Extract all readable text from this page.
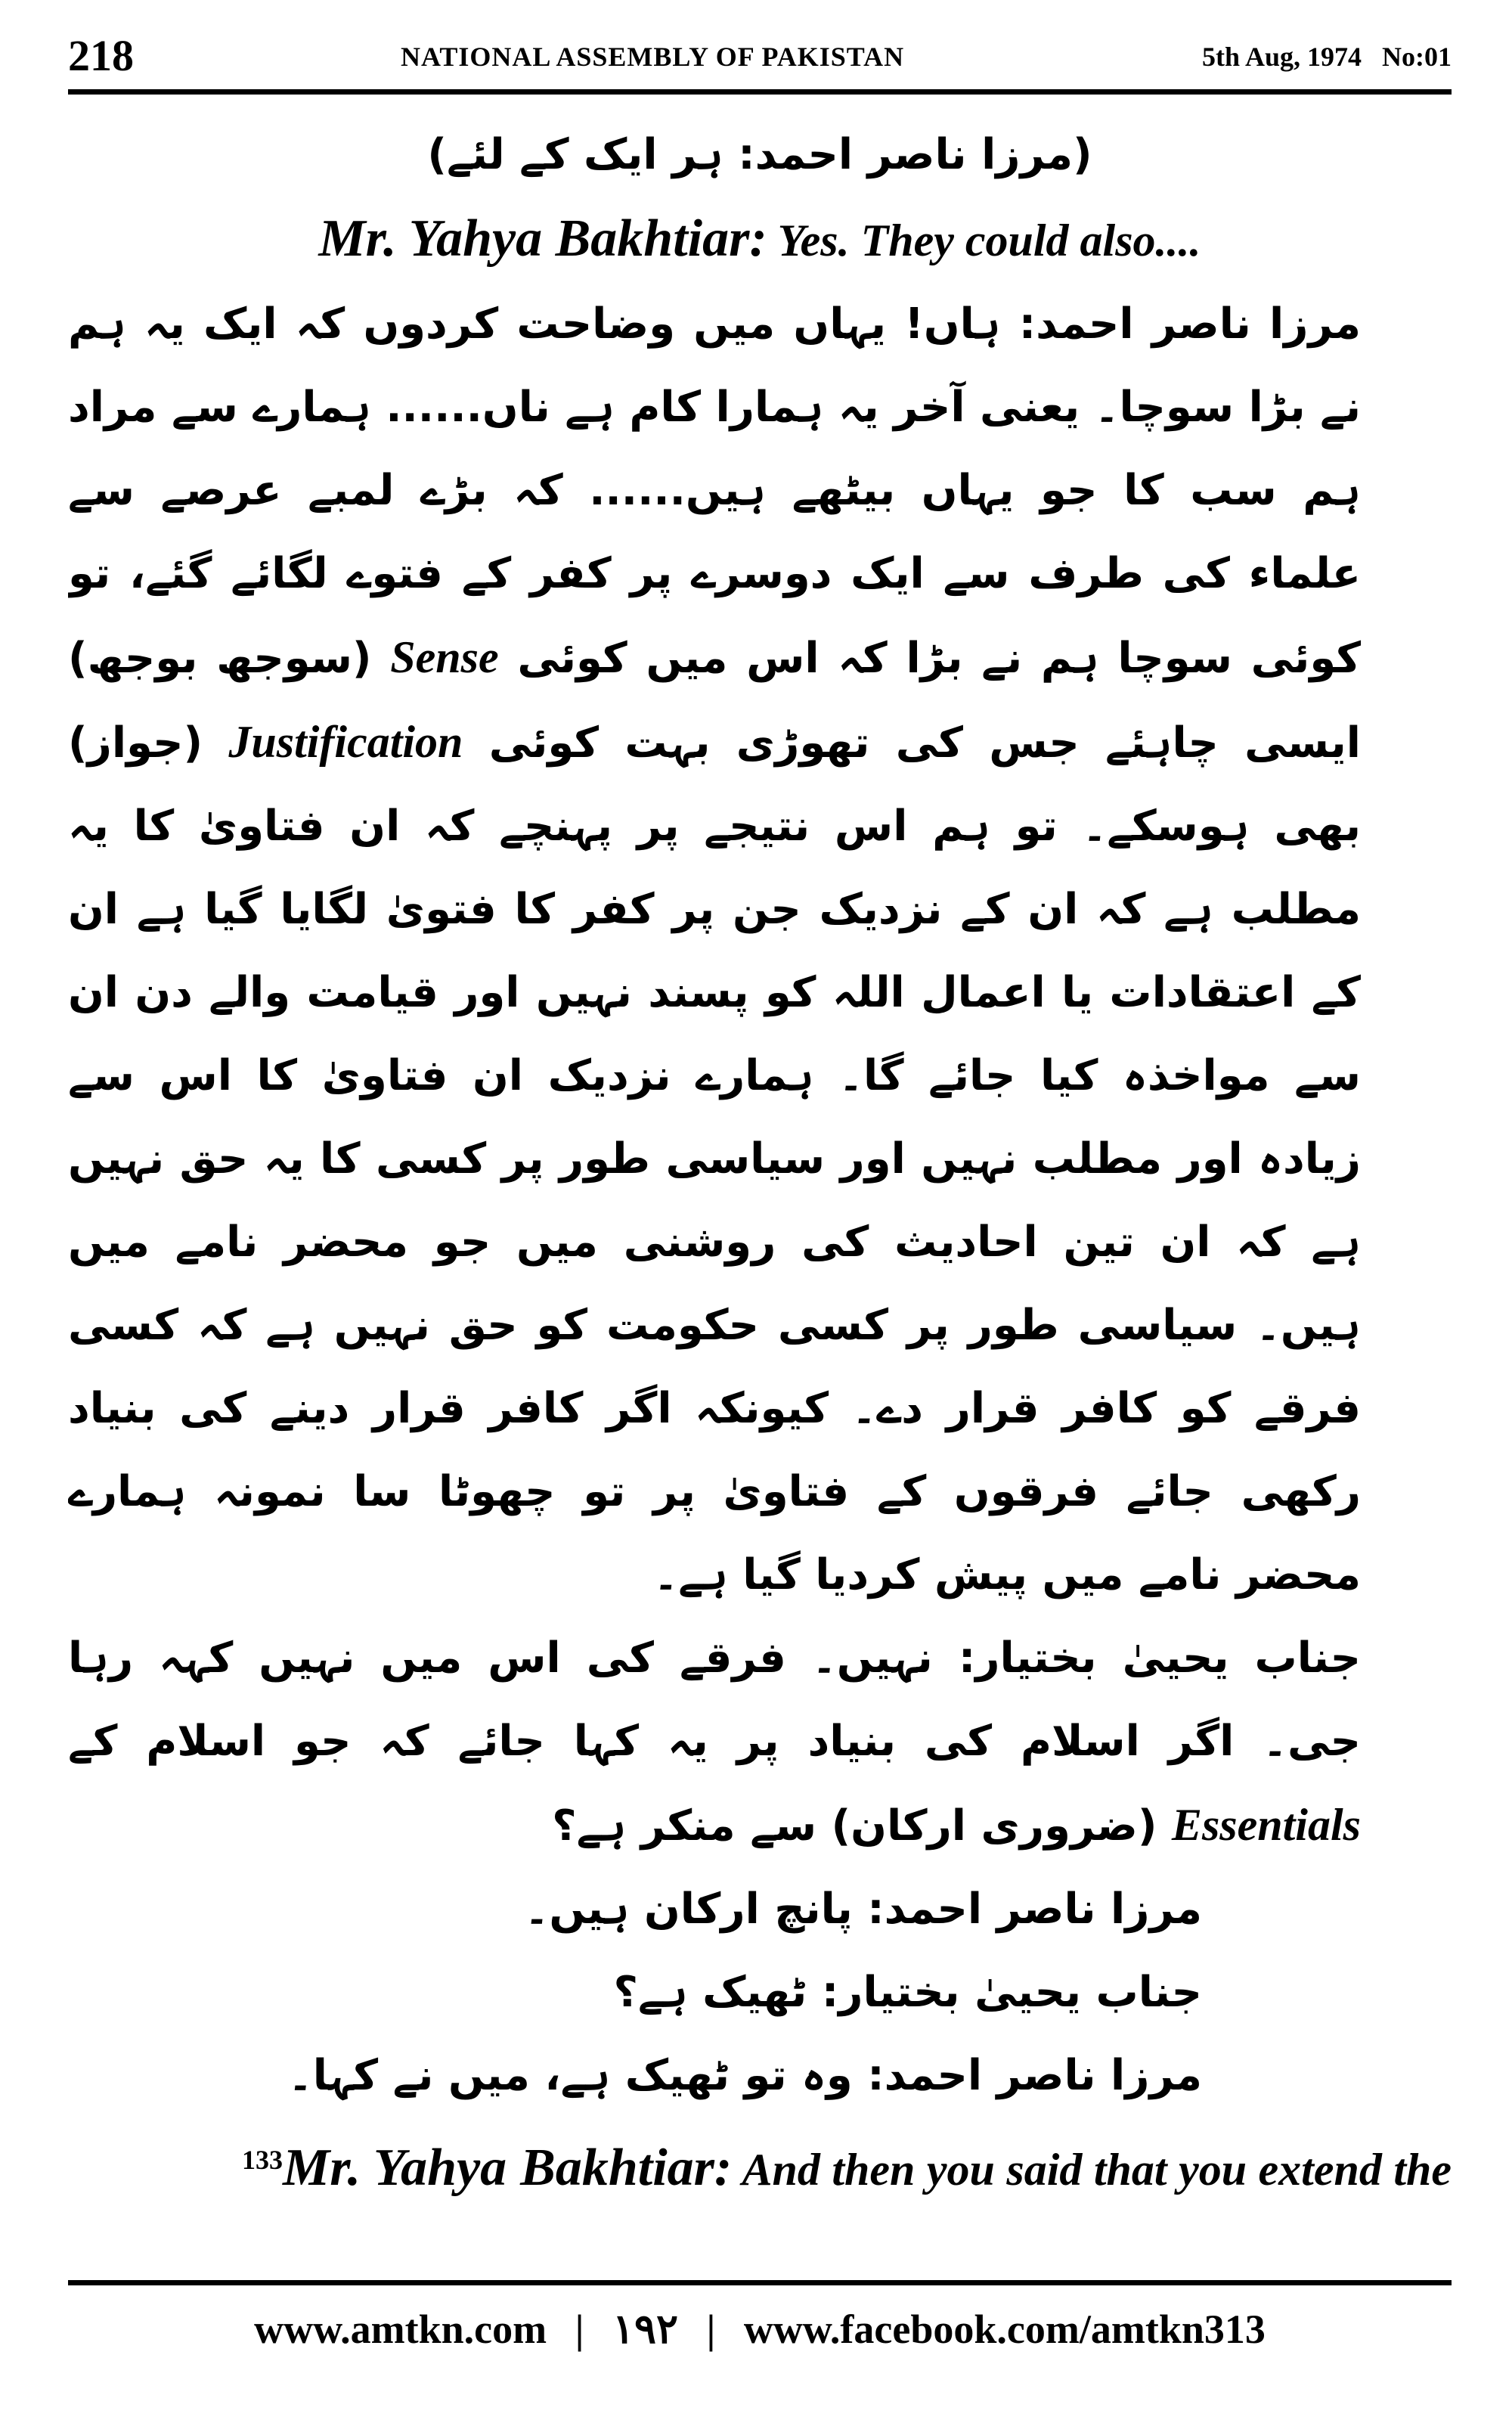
218	NATIONAL ASSEMBLY OF PAKISTAN	5th Aug, 1974 No:01

(مرزا ناصر احمد: ہر ایک کے لئے)

Mr. Yahya Bakhtiar: Yes. They could also....

مرزا ناصر احمد: ہاں! یہاں میں وضاحت کردوں کہ ایک یہ ہم نے بڑا سوچا۔ یعنی آخر یہ ہمارا کام ہے ناں...... ہمارے سے مراد ہم سب کا جو یہاں بیٹھے ہیں...... کہ بڑے لمبے عرصے سے علماء کی طرف سے ایک دوسرے پر کفر کے فتوے لگائے گئے، تو کوئی سوچا ہم نے بڑا کہ اس میں کوئی Sense (سوجھ بوجھ) ایسی چاہئے جس کی تھوڑی بہت کوئی Justification (جواز) بھی ہوسکے۔ تو ہم اس نتیجے پر پہنچے کہ ان فتاویٰ کا یہ مطلب ہے کہ ان کے نزدیک جن پر کفر کا فتویٰ لگایا گیا ہے ان کے اعتقادات یا اعمال اللہ کو پسند نہیں اور قیامت والے دن ان سے مواخذہ کیا جائے گا۔ ہمارے نزدیک ان فتاویٰ کا اس سے زیادہ اور مطلب نہیں اور سیاسی طور پر کسی کا یہ حق نہیں ہے کہ ان تین احادیث کی روشنی میں جو محضر نامے میں ہیں۔ سیاسی طور پر کسی حکومت کو حق نہیں ہے کہ کسی فرقے کو کافر قرار دے۔ کیونکہ اگر کافر قرار دینے کی بنیاد رکھی جائے فرقوں کے فتاویٰ پر تو چھوٹا سا نمونہ ہمارے محضر نامے میں پیش کردیا گیا ہے۔

جناب یحییٰ بختیار: نہیں۔ فرقے کی اس میں نہیں کہہ رہا جی۔ اگر اسلام کی بنیاد پر یہ کہا جائے کہ جو اسلام کے Essentials (ضروری ارکان) سے منکر ہے؟

مرزا ناصر احمد: پانچ ارکان ہیں۔

جناب یحییٰ بختیار: ٹھیک ہے؟

مرزا ناصر احمد: وہ تو ٹھیک ہے، میں نے کہا۔

$^{133}$Mr. Yahya Bakhtiar: And then you said that you extend the

www.amtkn.com | ۱۹۲ | www.facebook.com/amtkn313
